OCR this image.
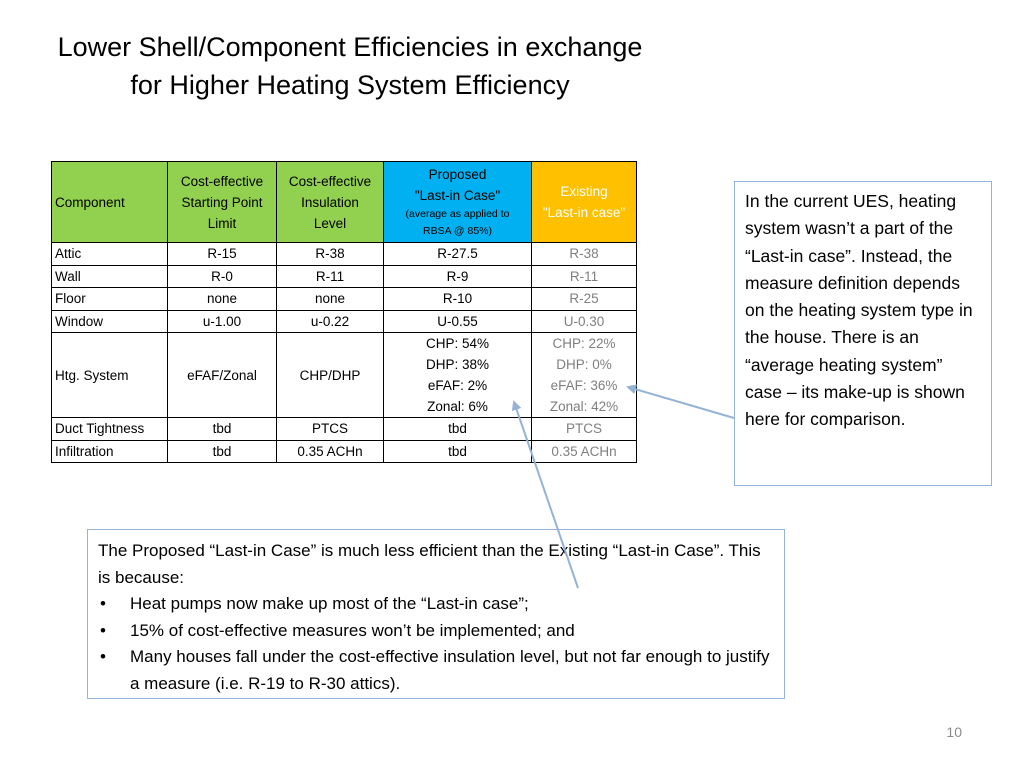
Lower Shell/Component Efficiencies in exchange
for Higher Heating System Efficiency
Component	Cost-effective
Starting Point
Limit	Cost-effective
Insulation
Level	Proposed
"Last-in Case"
(average as applied to
RBSA @ 85%)	Existing
"Last-in case"

Attic	R-15	R-38	R-27.5	R-38
Wall	R-0	R-11	R-9	R-11
Floor	none	none	R-10	R-25
Window	u-1.00	u-0.22	U-0.55	U-0.30
Htg. System	eFAF/Zonal	CHP/DHP	CHP: 54%
DHP: 38%
eFAF: 2%
Zonal: 6%	CHP: 22%
DHP: 0%
eFAF: 36%
Zonal: 42%

Duct Tightness	tbd	PTCS	tbd	PTCS
Infiltration	tbd	0.35 ACHn	tbd	0.35 ACHn
In the current UES, heating system wasn’t a part of the “Last-in case”. Instead, the measure definition depends on the heating system type in the house. There is an “average heating system” case – its make-up is shown here for comparison.
The Proposed “Last-in Case” is much less efficient than the Existing “Last-in Case”. This is because:
• Heat pumps now make up most of the “Last-in case”;
• 15% of cost-effective measures won’t be implemented; and
• Many houses fall under the cost-effective insulation level, but not far enough to justify a measure (i.e. R-19 to R-30 attics).
10
